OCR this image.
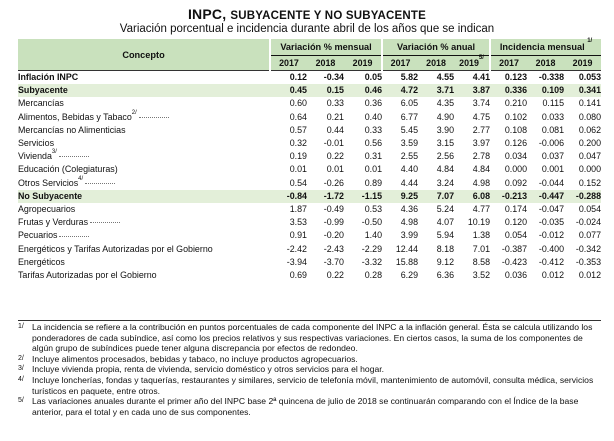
INPC, SUBYACENTE Y NO SUBYACENTE
Variación porcentual e incidencia durante abril de los años que se indican
Concepto	Variación % mensual			Variación % anual			Incidencia mensual $^{1/}$
	2017	2018	2019	2017	2018	$2019^{5/}$	2017	2018	2019
Inflación INPC	0.12	-0.34	0.05	5.82	4.55	4.41	0.123	-0.338	0.053
Subyacente	0.45	0.15	0.46	4.72	3.71	3.87	0.336	0.109	0.341
Mercancías	0.60	0.33	0.36	6.05	4.35	3.74	0.210	0.115	0.141
Alimentos, Bebidas y Tabaco$^{2/}$	0.64	0.21	0.40	6.77	4.90	4.75	0.102	0.033	0.080
Mercancías no Alimenticias	0.57	0.44	0.33	5.45	3.90	2.77	0.108	0.081	0.062
Servicios	0.32	-0.01	0.56	3.59	3.15	3.97	0.126	-0.006	0.200
Vivienda$^{3/}$	0.19	0.22	0.31	2.55	2.56	2.78	0.034	0.037	0.047
Educación (Colegiaturas)	0.01	0.01	0.01	4.40	4.84	4.84	0.000	0.001	0.000
Otros Servicios$^{4/}$	0.54	-0.26	0.89	4.44	3.24	4.98	0.092	-0.044	0.152
No Subyacente	-0.84	-1.72	-1.15	9.25	7.07	6.08	-0.213	-0.447	-0.288
Agropecuarios	1.87	-0.49	0.53	4.36	5.24	4.77	0.174	-0.047	0.054
Frutas y Verduras	3.53	-0.99	-0.50	4.98	4.07	10.19	0.120	-0.035	-0.024
Pecuarios	0.91	-0.20	1.40	3.99	5.94	1.38	0.054	-0.012	0.077
Energéticos y Tarifas Autorizadas por el Gobierno	-2.42	-2.43	-2.29	12.44	8.18	7.01	-0.387	-0.400	-0.342
Energéticos	-3.94	-3.70	-3.32	15.88	9.12	8.58	-0.423	-0.412	-0.353
Tarifas Autorizadas por el Gobierno	0.69	0.22	0.28	6.29	6.36	3.52	0.036	0.012	0.012
1/ La incidencia se refiere a la contribución en puntos porcentuales de cada componente del INPC a la inflación general. Ésta se calcula utilizando los ponderadores de cada subíndice, así como los precios relativos y sus respectivas variaciones. En ciertos casos, la suma de los componentes de algún grupo de subíndices puede tener alguna discrepancia por efectos de redondeo.
2/ Incluye alimentos procesados, bebidas y tabaco, no incluye productos agropecuarios.
3/ Incluye vivienda propia, renta de vivienda, servicio doméstico y otros servicios para el hogar.
4/ Incluye loncherías, fondas y taquerías, restaurantes y similares, servicio de telefonía móvil, mantenimiento de automóvil, consulta médica, servicios turísticos en paquete, entre otros.
5/ Las variaciones anuales durante el primer año del INPC base 2ª quincena de julio de 2018 se continuarán comparando con el Índice de la base anterior, para el total y en cada uno de sus componentes.
